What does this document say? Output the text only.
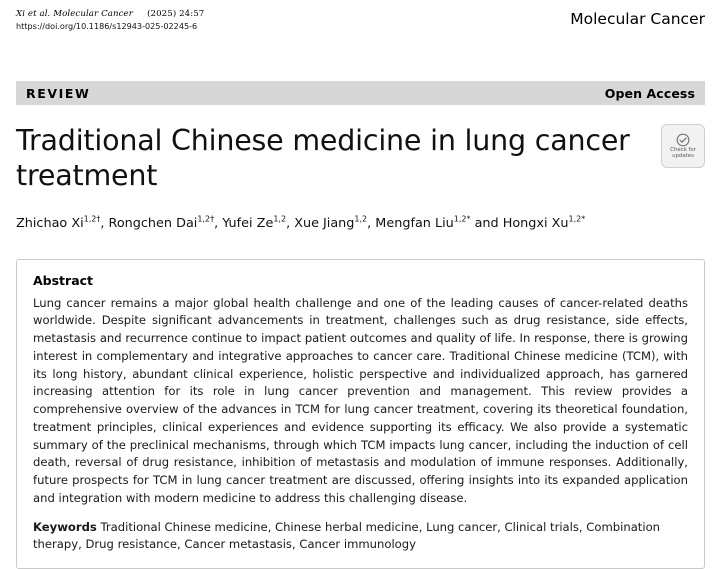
Xi et al. Molecular Cancer (2025) 24:57
https://doi.org/10.1186/s12943-025-02245-6	Molecular Cancer
REVIEW	Open Access
Traditional Chinese medicine in lung cancer treatment
Check for
updates
Zhichao $Xi^{1,2\dagger}$, Rongchen Dai$^{1,2\dagger}$, Yufei Ze$^{1,2}$, Xue Jiang$^{1,2}$, Mengfan Liu$^{1,2*}$ and Hongxi $Xu^{1,2*}$
Abstract
Lung cancer remains a major global health challenge and one of the leading causes of cancer-related deaths worldwide. Despite significant advancements in treatment, challenges such as drug resistance, side effects, metastasis and recurrence continue to impact patient outcomes and quality of life. In response, there is growing interest in complementary and integrative approaches to cancer care. Traditional Chinese medicine (TCM), with its long history, abundant clinical experience, holistic perspective and individualized approach, has garnered increasing attention for its role in lung cancer prevention and management. This review provides a comprehensive overview of the advances in TCM for lung cancer treatment, covering its theoretical foundation, treatment principles, clinical experiences and evidence supporting its efficacy. We also provide a systematic summary of the preclinical mechanisms, through which TCM impacts lung cancer, including the induction of cell death, reversal of drug resistance, inhibition of metastasis and modulation of immune responses. Additionally, future prospects for TCM in lung cancer treatment are discussed, offering insights into its expanded application and integration with modern medicine to address this challenging disease.
Keywords Traditional Chinese medicine, Chinese herbal medicine, Lung cancer, Clinical trials, Combination therapy, Drug resistance, Cancer metastasis, Cancer immunology
